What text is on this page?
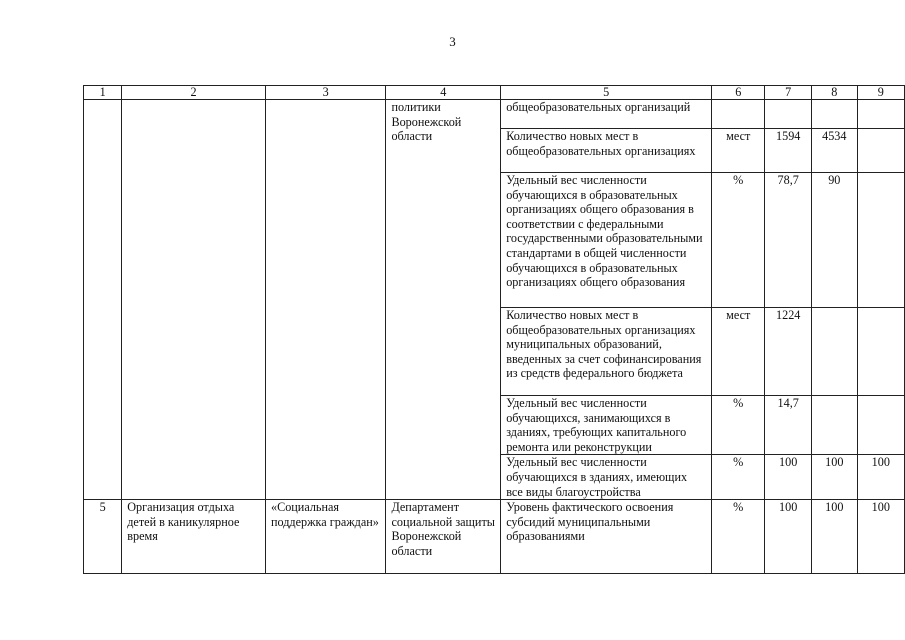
3
1	2	3	4	5	6	7	8	9
			политики Воронежской области	общеобразовательных организаций				
				Количество новых мест в общеобразовательных организациях	мест	1594	4534	
				Удельный вес численности обучающихся в образовательных организациях общего образования в соответствии с федеральными государственными образовательными стандартами в общей численности обучающихся в образовательных организациях общего образования	%	78,7	90	
				Количество новых мест в общеобразовательных организациях муниципальных образований, введенных за счет софинансирования из средств федерального бюджета	мест	1224		
				Удельный вес численности обучающихся, занимающихся в зданиях, требующих капитального ремонта или реконструкции	%	14,7		
				Удельный вес численности обучающихся в зданиях, имеющих все виды благоустройства	%	100	100	100
5	Организация отдыха детей в каникулярное время	«Социальная поддержка граждан»	Департамент социальной защиты Воронежской области	Уровень фактического освоения субсидий муниципальными образованиями	%	100	100	100
